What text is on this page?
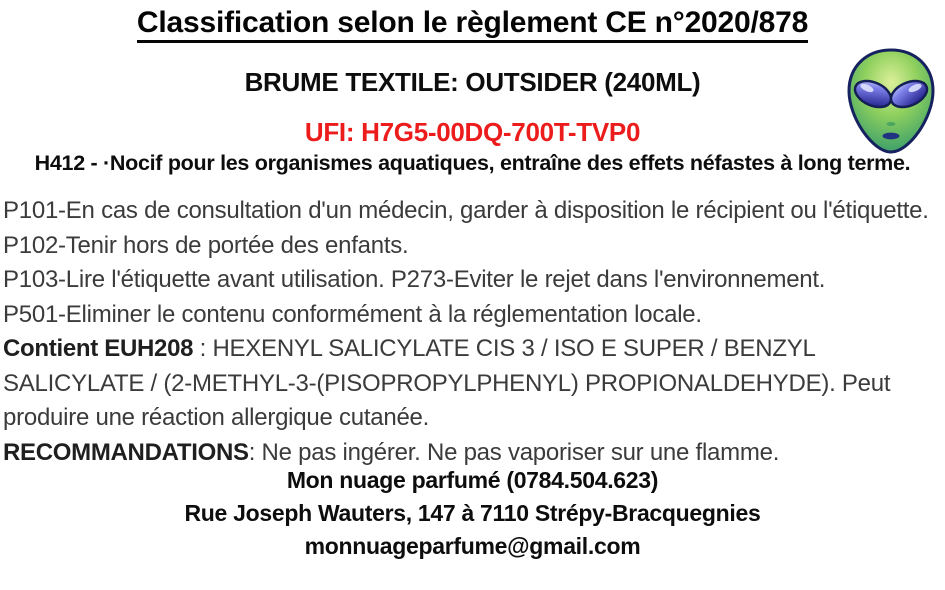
Classification selon le règlement CE n°2020/878
BRUME TEXTILE: OUTSIDER (240ML)
UFI: H7G5-00DQ-700T-TVP0
H412 - ·Nocif pour les organismes aquatiques, entraîne des effets néfastes à long terme.

P101-En cas de consultation d'un médecin, garder à disposition le récipient ou l'étiquette. P102-Tenir hors de portée des enfants.

P103-Lire l'étiquette avant utilisation. P273-Eviter le rejet dans l'environnement.

P501-Eliminer le contenu conformément à la réglementation locale.

Contient EUH208 : HEXENYL SALICYLATE CIS 3 / ISO E SUPER / BENZYL SALICYLATE / (2-METHYL-3-(PISOPROPYLPHENYL) PROPIONALDEHYDE). Peut produire une réaction allergique cutanée.

RECOMMANDATIONS: Ne pas ingérer. Ne pas vaporiser sur une flamme.

Mon nuage parfumé (0784.504.623)

Rue Joseph Wauters, 147 à 7110 Strépy-Bracquegnies

monnuageparfume@gmail.com
